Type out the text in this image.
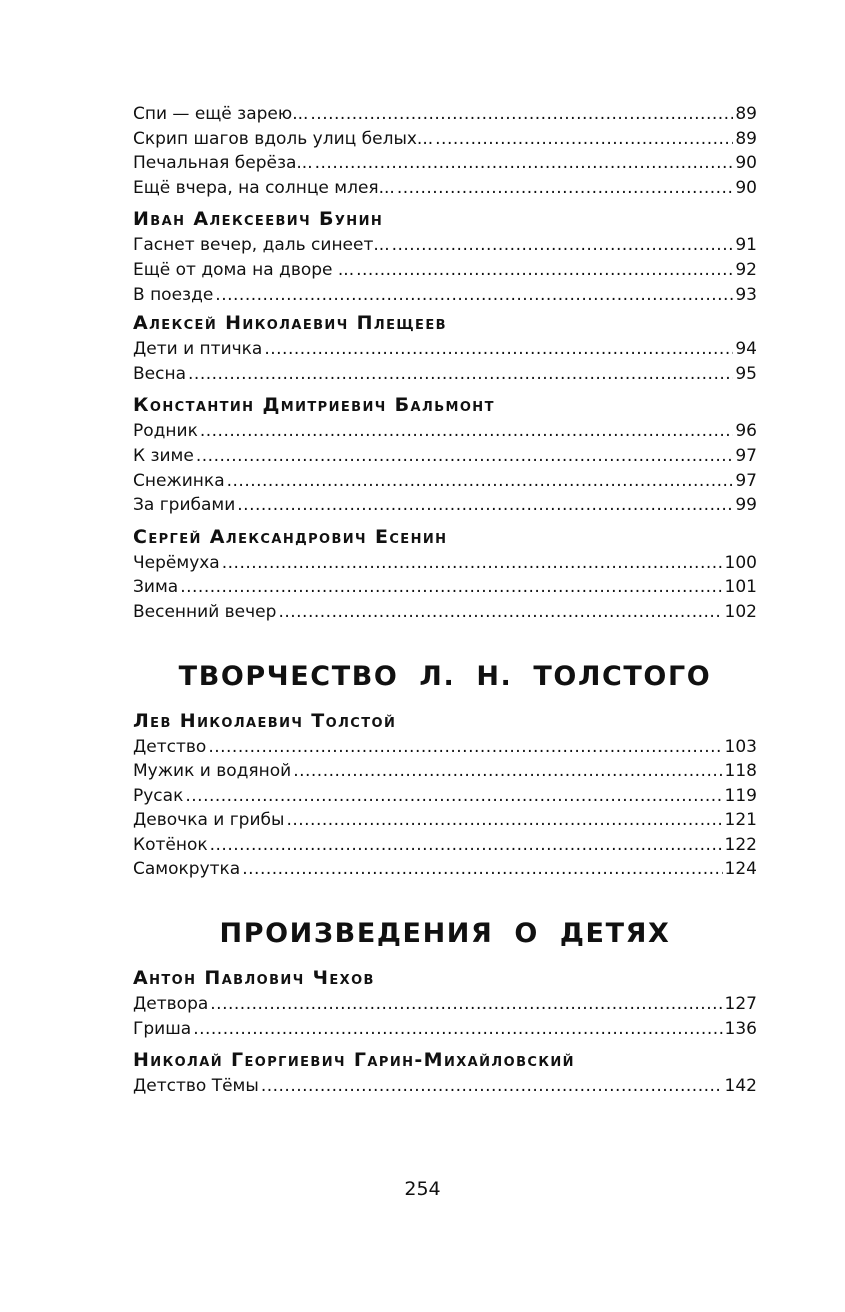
Спи — ещё зарею... .....	89
Скрип шагов вдоль улиц белых... .....	89
Печальная берёза... .....	90
Ещё вчера, на солнце млея... .....	90
Иван Алексеевич Бунин
Гаснет вечер, даль синеет... .....	91
Ещё от дома на дворе ... .....	92
В поезде .....	93
Алексей Николаевич Плещеев
Дети и птичка .....	94
Весна .....	95
Константин Дмитриевич Бальмонт
Родник .....	96
К зиме .....	97
Снежинка .....	97
За грибами .....	99
Сергей Александрович Есенин
Черёмуха .....	100
Зима .....	101
Весенний вечер .....	102
ТВОРЧЕСТВО Л. Н. ТОЛСТОГО
Лев Николаевич Толстой
Детство .....	103
Мужик и водяной .....	118
Русак .....	119
Девочка и грибы .....	121
Котёнок .....	122
Самокрутка .....	124
ПРОИЗВЕДЕНИЯ О ДЕТЯХ
Антон Павлович Чехов
Детвора .....	127
Гриша .....	136
Николай Георгиевич Гарин-Михайловский
Детство Тёмы .....	142
254
